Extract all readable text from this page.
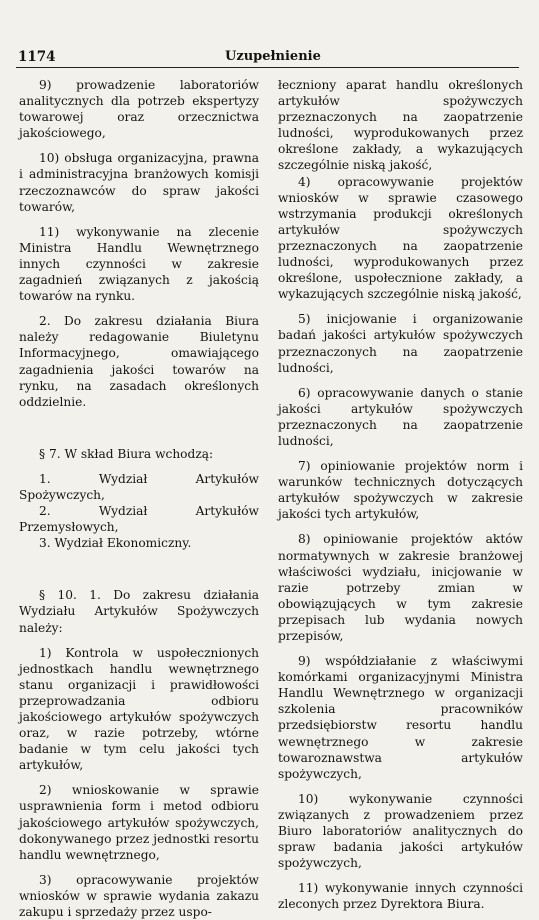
1174	Uzupełnienie

9) prowadzenie laboratoriów analitycznych dla potrzeb ekspertyzy towarowej oraz orzecznictwa jakościowego,

10) obsługa organizacyjna, prawna i administracyjna branżowych komisji rzeczoznawców do spraw jakości towarów,

11) wykonywanie na zlecenie Ministra Handlu Wewnętrznego innych czynności w zakresie zagadnień związanych z jakością towarów na rynku.

2. Do zakresu działania Biura należy redagowanie Biuletynu Informacyjnego, omawiającego zagadnienia jakości towarów na rynku, na zasadach określonych oddzielnie.

§ 7. W skład Biura wchodzą:

1. Wydział Artykułów Spożywczych,

2. Wydział Artykułów Przemysłowych,

3. Wydział Ekonomiczny.

§ 10. 1. Do zakresu działania Wydziału Artykułów Spożywczych należy:

1) Kontrola w uspołecznionych jednostkach handlu wewnętrznego stanu organizacji i prawidłowości przeprowadzania odbioru jakościowego artykułów spożywczych oraz, w razie potrzeby, wtórne badanie w tym celu jakości tych artykułów,

2) wnioskowanie w sprawie usprawnienia form i metod odbioru jakościowego artykułów spożywczych, dokonywanego przez jednostki resortu handlu wewnętrznego,

3) opracowywanie projektów wniosków w sprawie wydania zakazu zakupu i sprzedaży przez uspo-

łeczniony aparat handlu określonych artykułów spożywczych przeznaczonych na zaopatrzenie ludności, wyprodukowanych przez określone zakłady, a wykazujących szczególnie niską jakość,

4) opracowywanie projektów wniosków w sprawie czasowego wstrzymania produkcji określonych artykułów spożywczych przeznaczonych na zaopatrzenie ludności, wyprodukowanych przez określone, uspołecznione zakłady, a wykazujących szczególnie niską jakość,

5) inicjowanie i organizowanie badań jakości artykułów spożywczych przeznaczonych na zaopatrzenie ludności,

6) opracowywanie danych o stanie jakości artykułów spożywczych przeznaczonych na zaopatrzenie ludności,

7) opiniowanie projektów norm i warunków technicznych dotyczących artykułów spożywczych w zakresie jakości tych artykułów,

8) opiniowanie projektów aktów normatywnych w zakresie branżowej właściwości wydziału, inicjowanie w razie potrzeby zmian w obowiązujących w tym zakresie przepisach lub wydania nowych przepisów,

9) współdziałanie z właściwymi komórkami organizacyjnymi Ministra Handlu Wewnętrznego w organizacji szkolenia pracowników przedsiębiorstw resortu handlu wewnętrznego w zakresie towaroznawstwa artykułów spożywczych,

10) wykonywanie czynności związanych z prowadzeniem przez Biuro laboratoriów analitycznych do spraw badania jakości artykułów spożywczych,

11) wykonywanie innych czynności zleconych przez Dyrektora Biura.
